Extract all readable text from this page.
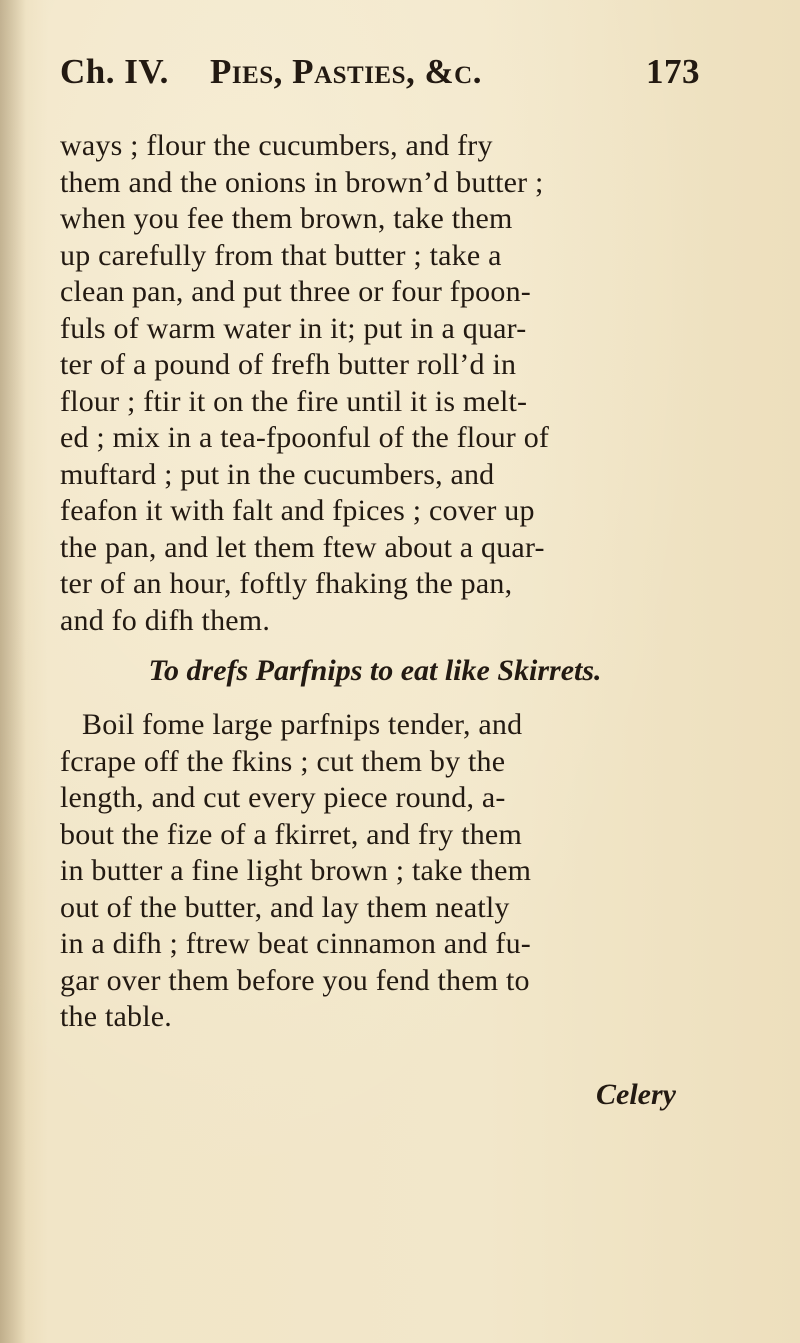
Ch. IV. Pies, Pasties, &c.	173
ways ; flour the cucumbers, and fry
them and the onions in brown’d butter ;
when you fee them brown, take them
up carefully from that butter ; take a
clean pan, and put three or four fpoon-
fuls of warm water in it; put in a quar-
ter of a pound of frefh butter roll’d in
flour ; ftir it on the fire until it is melt-
ed ; mix in a tea-fpoonful of the flour of
muftard ; put in the cucumbers, and
feafon it with falt and fpices ; cover up
the pan, and let them ftew about a quar-
ter of an hour, foftly fhaking the pan,
and fo difh them.
To drefs Parfnips to eat like Skirrets.
Boil fome large parfnips tender, and
fcrape off the fkins ; cut them by the
length, and cut every piece round, a-
bout the fize of a fkirret, and fry them
in butter a fine light brown ; take them
out of the butter, and lay them neatly
in a difh ; ftrew beat cinnamon and fu-
gar over them before you fend them to
the table.
Celery
